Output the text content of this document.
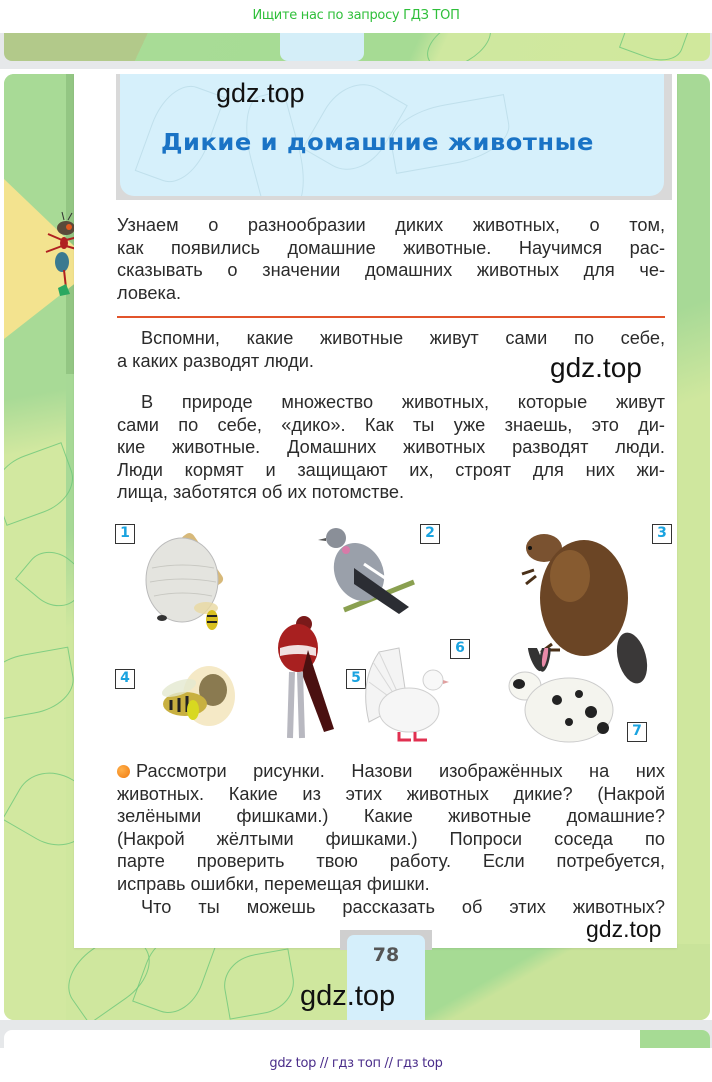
Ищите нас по запросу ГДЗ ТОП
gdz.top
Дикие и домашние животные
Узнаем о разнообразии диких животных, о том,
как появились домашние животные. Научимся рас-
сказывать о значении домашних животных для че-
ловека.
Вспомни, какие животные живут сами по себе,
а каких разводят люди.	gdz.top
В природе множество животных, которые живут
сами по себе, «дико». Как ты уже знаешь, это ди-
кие животные. Домашних животных разводят люди.
Люди кормят и защищают их, строят для них жи-
лища, заботятся об их потомстве.
1	2	3
4	5
6
7
Рассмотри рисунки. Назови изображённых на них
животных. Какие из этих животных дикие? (Накрой
зелёными фишками.) Какие животные домашние?
(Накрой жёлтыми фишками.) Попроси соседа по
парте проверить твою работу. Если потребуется,
исправь ошибки, перемещая фишки.
Что ты можешь рассказать об этих животных?
gdz.top
78
gdz.top
gdz top // гдз топ // гдз top
